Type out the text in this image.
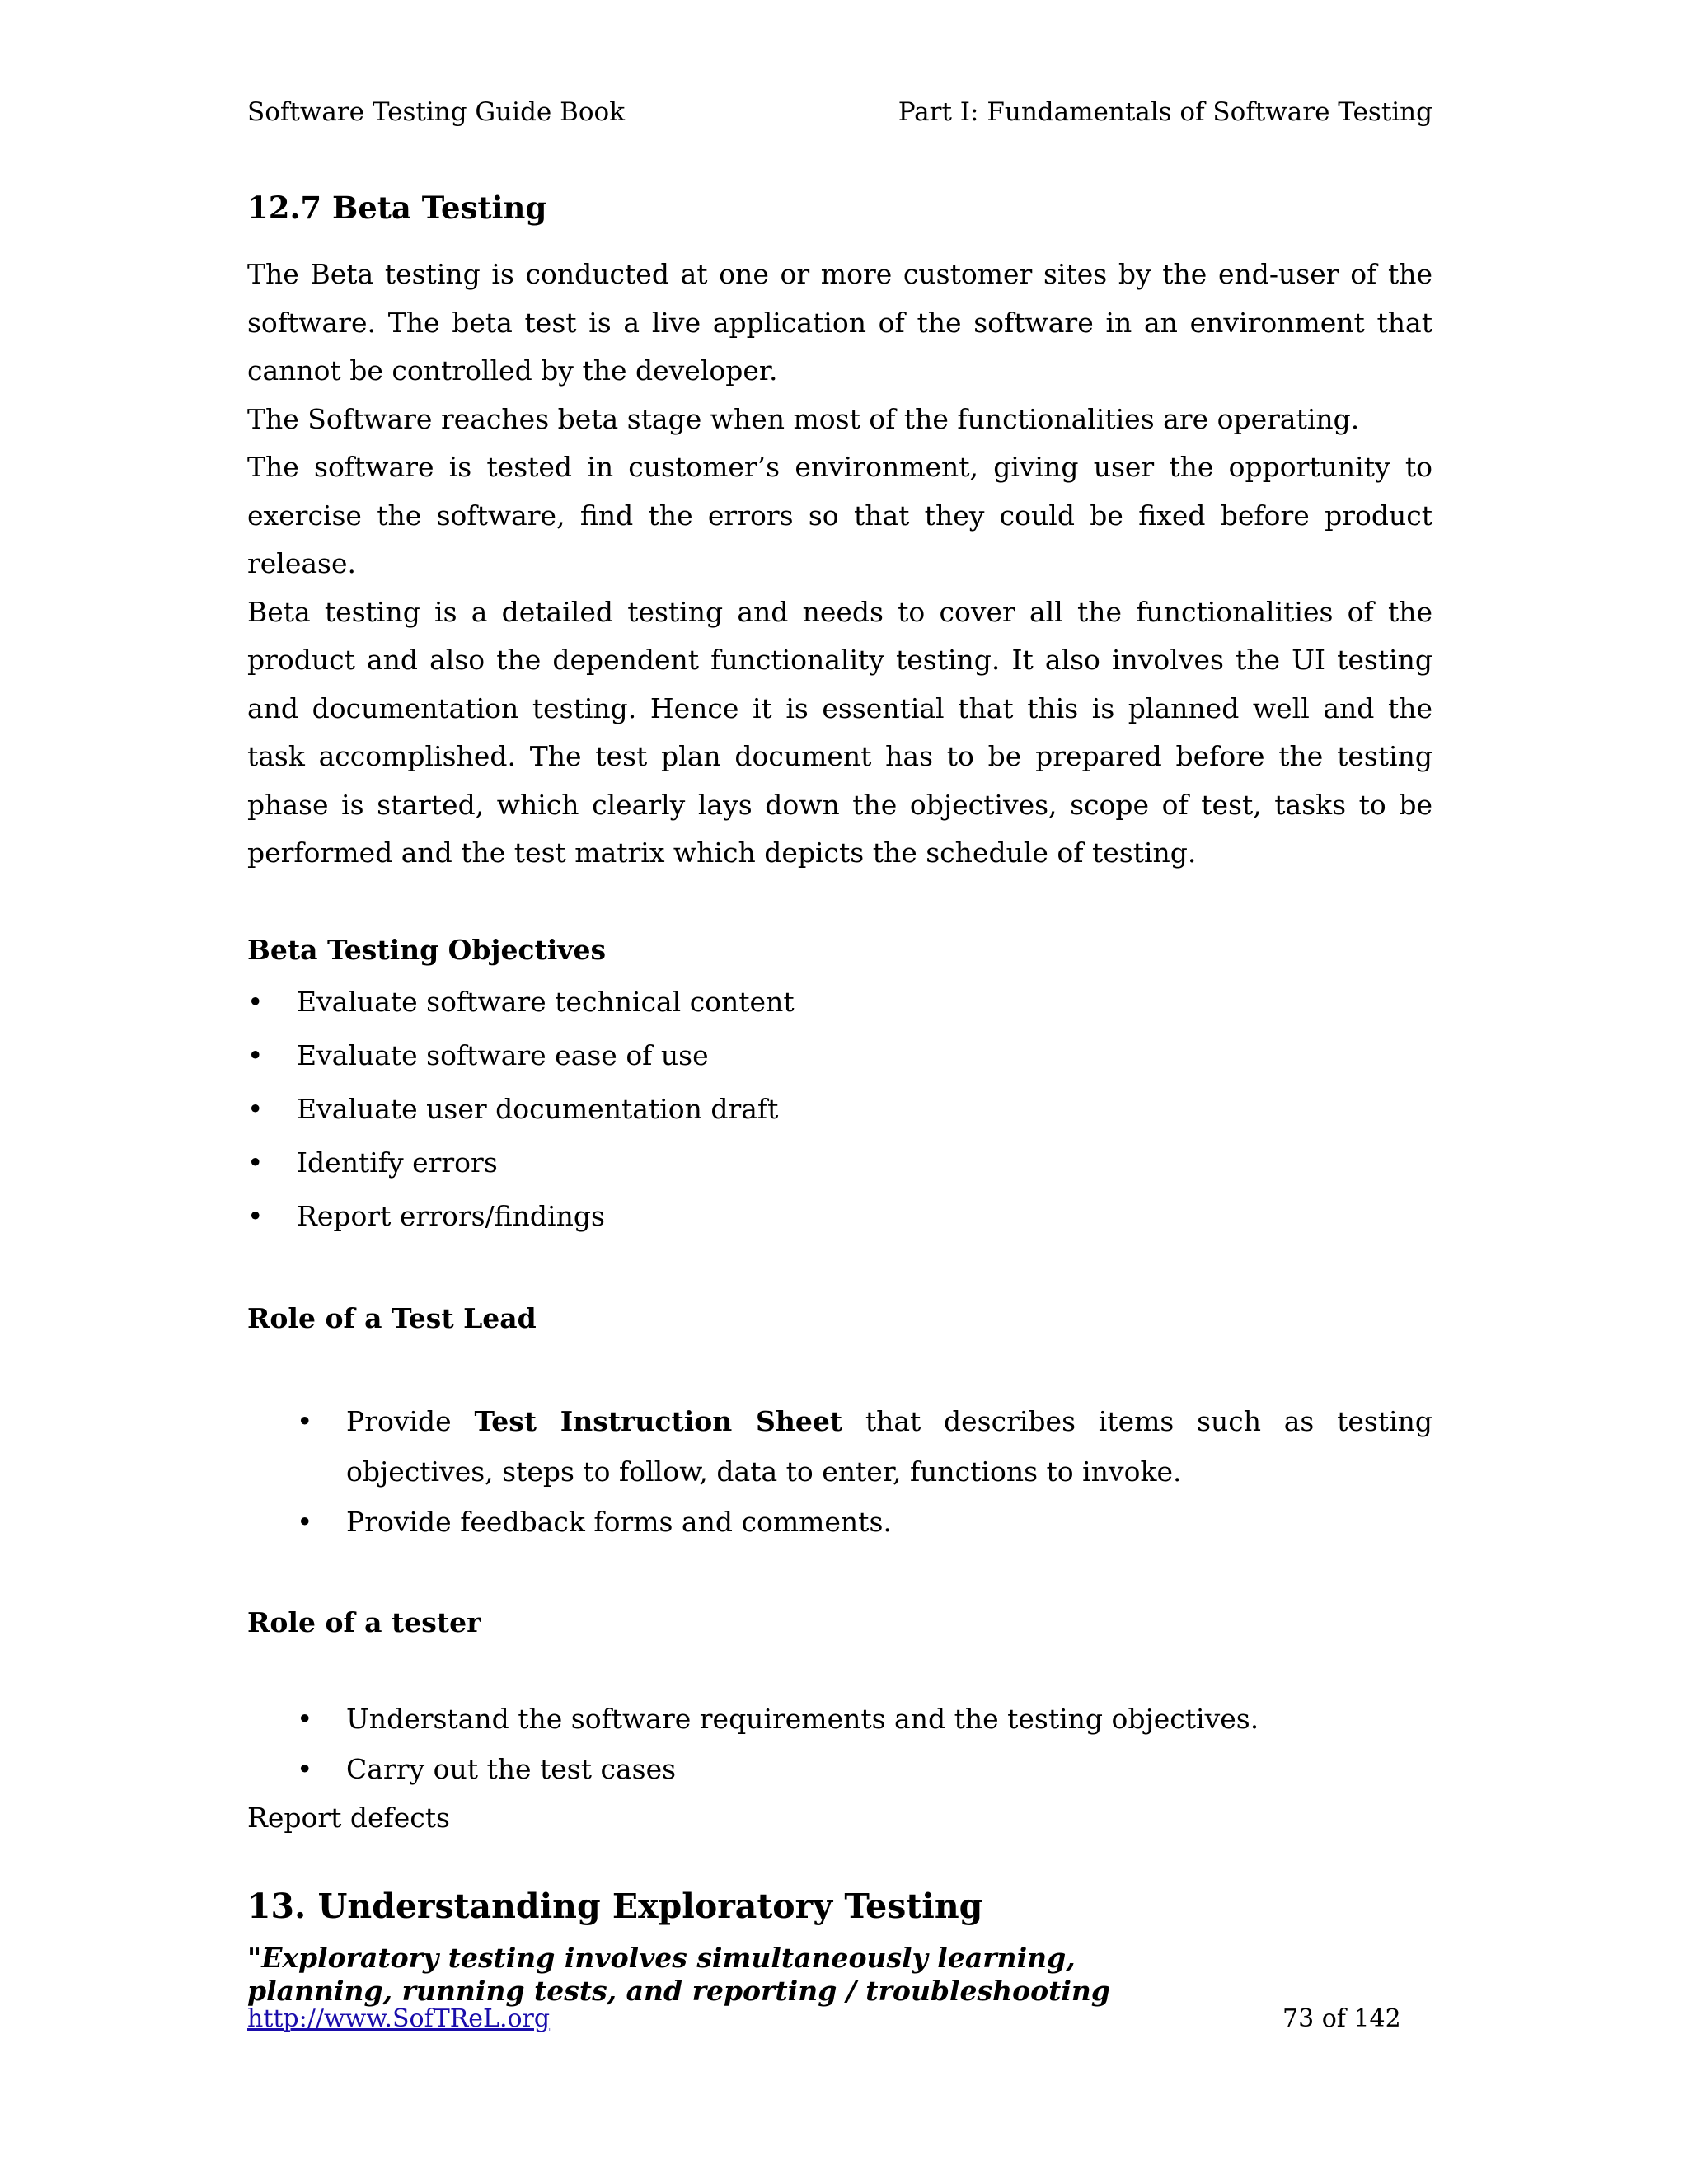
Software Testing Guide Book	Part I: Fundamentals of Software Testing
12.7 Beta Testing

The Beta testing is conducted at one or more customer sites by the end-user of the software. The beta test is a live application of the software in an environment that cannot be controlled by the developer.

The Software reaches beta stage when most of the functionalities are operating.

The software is tested in customer’s environment, giving user the opportunity to exercise the software, find the errors so that they could be fixed before product release.

Beta testing is a detailed testing and needs to cover all the functionalities of the product and also the dependent functionality testing. It also involves the UI testing and documentation testing. Hence it is essential that this is planned well and the task accomplished. The test plan document has to be prepared before the testing phase is started, which clearly lays down the objectives, scope of test, tasks to be performed and the test matrix which depicts the schedule of testing.

Beta Testing Objectives
• Evaluate software technical content
• Evaluate software ease of use
• Evaluate user documentation draft
• Identify errors
• Report errors/findings
Role of a Test Lead
• Provide Test Instruction Sheet that describes items such as testing objectives, steps to follow, data to enter, functions to invoke.
• Provide feedback forms and comments.
Role of a tester
• Understand the software requirements and the testing objectives.
• Carry out the test cases

Report defects

13. Understanding Exploratory Testing
"Exploratory testing involves simultaneously learning,
planning, running tests, and reporting / troubleshooting
http://www.SofTReL.org	73 of 142
